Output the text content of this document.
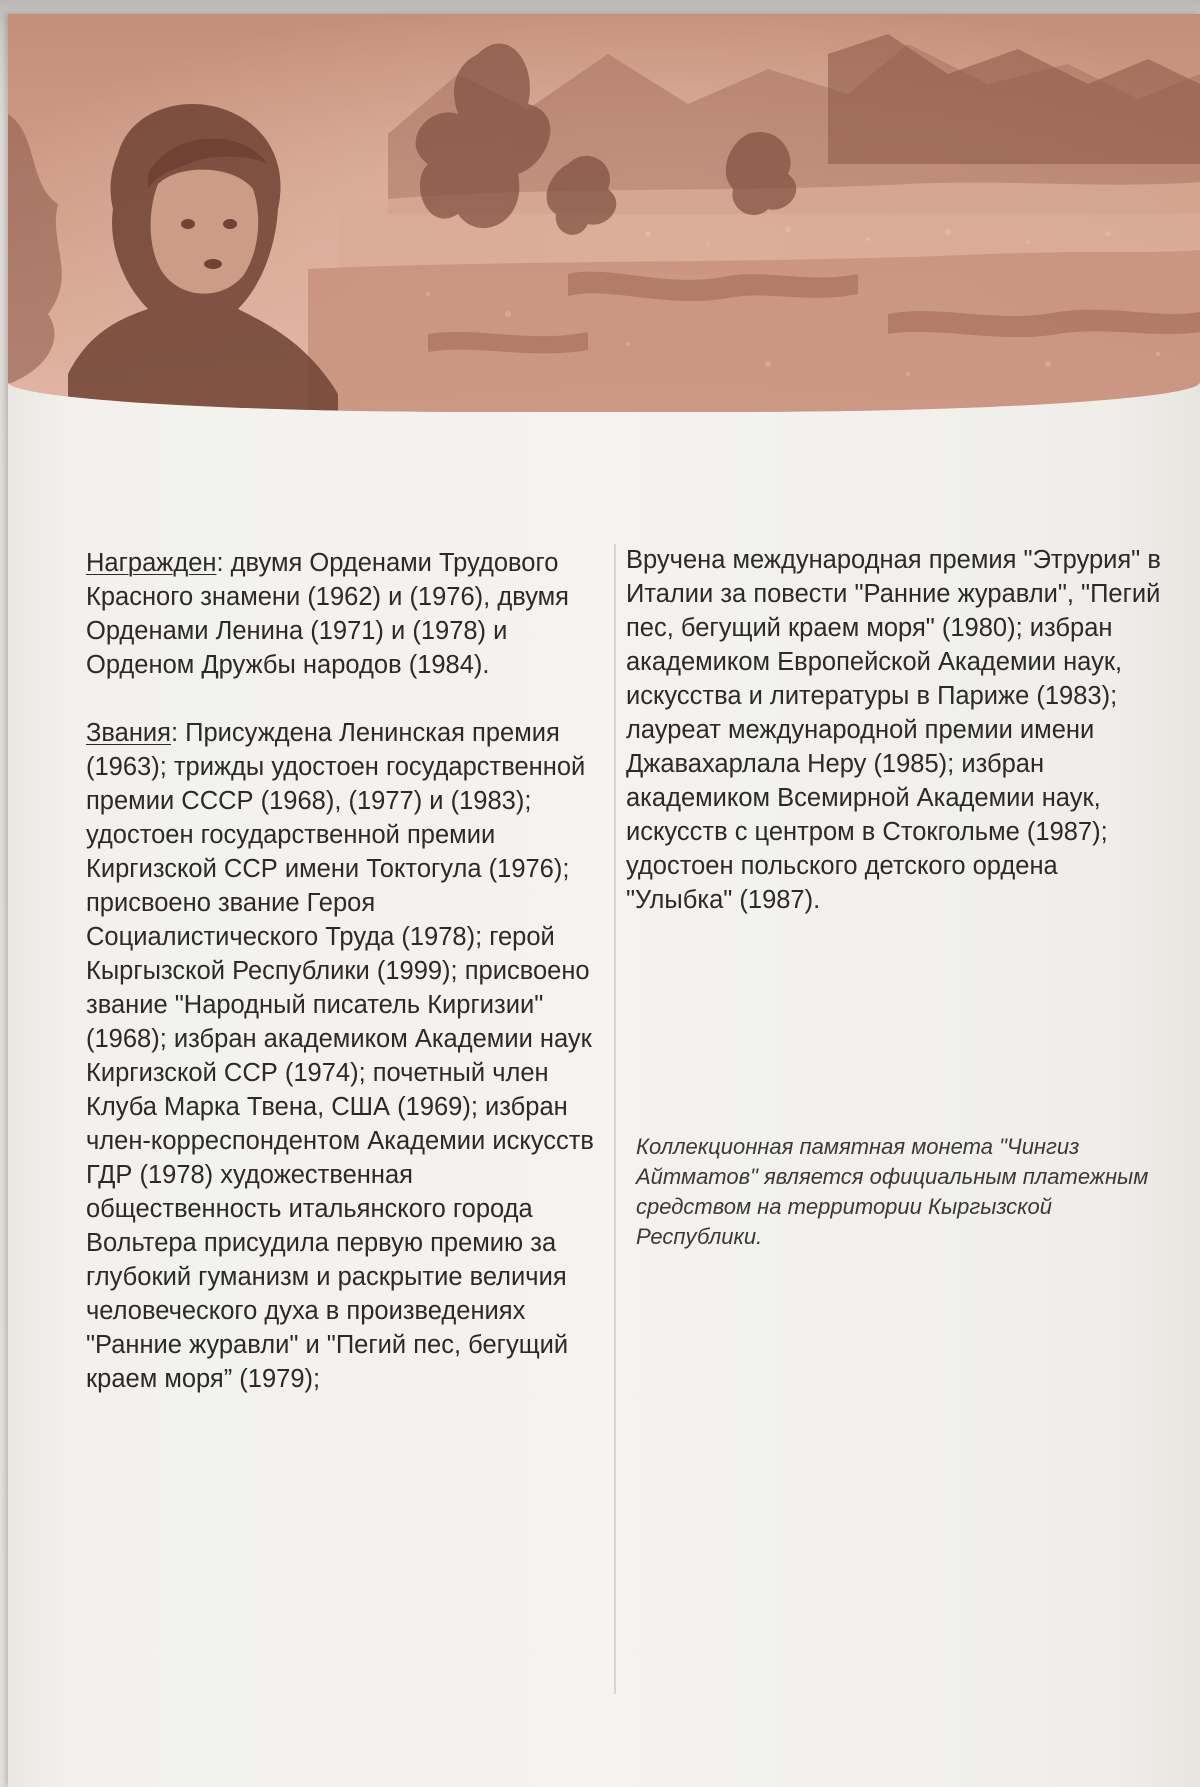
Награжден: двумя Орденами Трудового Красного знамени (1962) и (1976), двумя Орденами Ленина (1971) и (1978) и Орденом Дружбы народов (1984).

Звания: Присуждена Ленинская премия (1963); трижды удостоен государственной премии СССР (1968), (1977) и (1983); удостоен государственной премии Киргизской ССР имени Токтогула (1976); присвоено звание Героя Социалистического Труда (1978); герой Кыргызской Республики (1999); присвоено звание "Народный писатель Киргизии" (1968); избран академиком Академии наук Киргизской ССР (1974); почетный член Клуба Марка Твена, США (1969); избран член-корреспондентом Академии искусств ГДР (1978) художественная общественность итальянского города Вольтера присудила первую премию за глубокий гуманизм и раскрытие величия человеческого духа в произведениях "Ранние журавли" и "Пегий пес, бегущий краем моря” (1979);

Вручена международная премия "Этрурия" в Италии за повести "Ранние журавли", "Пегий пес, бегущий краем моря" (1980); избран академиком Европейской Академии наук, искусства и литературы в Париже (1983); лауреат международной премии имени Джавахарлала Неру (1985); избран академиком Всемирной Академии наук, искусств с центром в Стокгольме (1987); удостоен польского детского ордена "Улыбка" (1987).

Коллекционная памятная монета "Чингиз Айтматов" является официальным платежным средством на территории Кыргызской Республики.
